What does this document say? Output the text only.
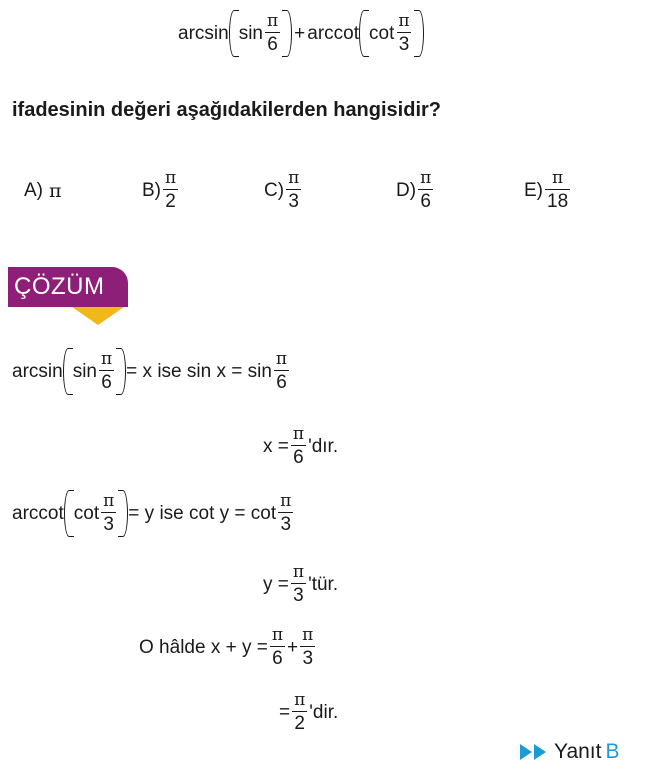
$\arcsin \sin \frac{\pi}{6} + arccot$ $\cot \frac{\pi}{3}$
ifadesinin değeri aşağıdakilerden hangisidir?
A) π	$B) \frac{\pi}{2}$	$C) \frac{\pi}{3}$	$D) \frac{\pi}{6}$	$E) \frac{\pi}{18}$
ÇÖZÜM
$\arcsin \sin \frac{\pi}{6} = x$ ise $\sin x = \sin \frac{\pi}{6}$
$x = \frac{\pi}{6}$ 'dır.
arccot $\cot \frac{\pi}{3} = y$ ise $\cot y = \cot \frac{\pi}{3}$
$y = \frac{\pi}{3}$ 'tür.
O hâlde $x + y = \frac{\pi}{6} + \frac{\pi}{3}$
= $\frac{\pi}{2}$ 'dir.
Yanıt B
